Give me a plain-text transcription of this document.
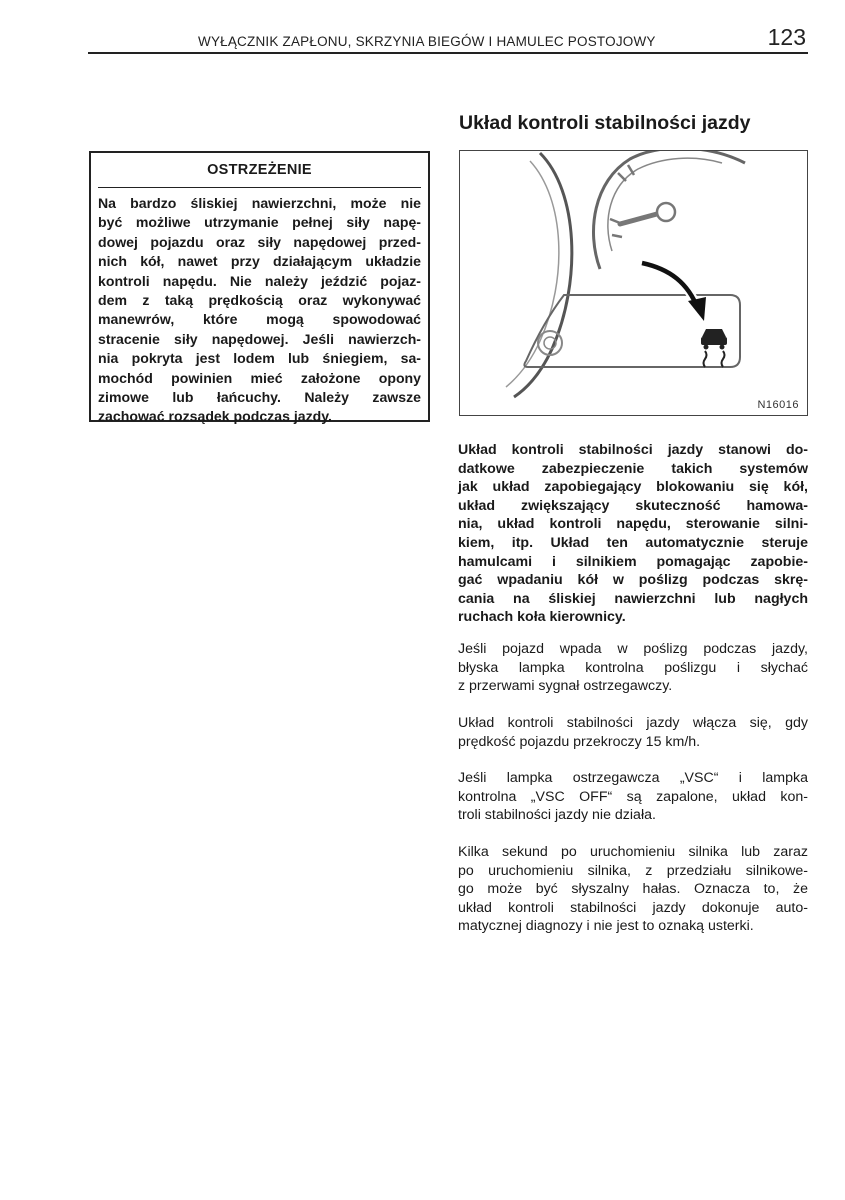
WYŁĄCZNIK ZAPŁONU, SKRZYNIA BIEGÓW I HAMULEC POSTOJOWY	123
OSTRZEŻENIE
Na bardzo śliskiej nawierzchni, może nie
być możliwe utrzymanie pełnej siły napę-
dowej pojazdu oraz siły napędowej przed-
nich kół, nawet przy działającym układzie
kontroli napędu. Nie należy jeździć pojaz-
dem z taką prędkością oraz wykonywać
manewrów, które mogą spowodować
stracenie siły napędowej. Jeśli nawierzch-
nia pokryta jest lodem lub śniegiem, sa-
mochód powinien mieć założone opony
zimowe lub łańcuchy. Należy zawsze
zachować rozsądek podczas jazdy.
Układ kontroli stabilności jazdy
N16016
Układ kontroli stabilności jazdy stanowi do-
datkowe zabezpieczenie takich systemów
jak układ zapobiegający blokowaniu się kół,
układ zwiększający skuteczność hamowa-
nia, układ kontroli napędu, sterowanie silni-
kiem, itp. Układ ten automatycznie steruje
hamulcami i silnikiem pomagając zapobie-
gać wpadaniu kół w poślizg podczas skrę-
cania na śliskiej nawierzchni lub nagłych
ruchach koła kierownicy.
Jeśli pojazd wpada w poślizg podczas jazdy,
błyska lampka kontrolna poślizgu i słychać
z przerwami sygnał ostrzegawczy.
Układ kontroli stabilności jazdy włącza się, gdy
prędkość pojazdu przekroczy 15 km/h.
Jeśli lampka ostrzegawcza „VSC“ i lampka
kontrolna „VSC OFF“ są zapalone, układ kon-
troli stabilności jazdy nie działa.
Kilka sekund po uruchomieniu silnika lub zaraz
po uruchomieniu silnika, z przedziału silnikowe-
go może być słyszalny hałas. Oznacza to, że
układ kontroli stabilności jazdy dokonuje auto-
matycznej diagnozy i nie jest to oznaką usterki.
